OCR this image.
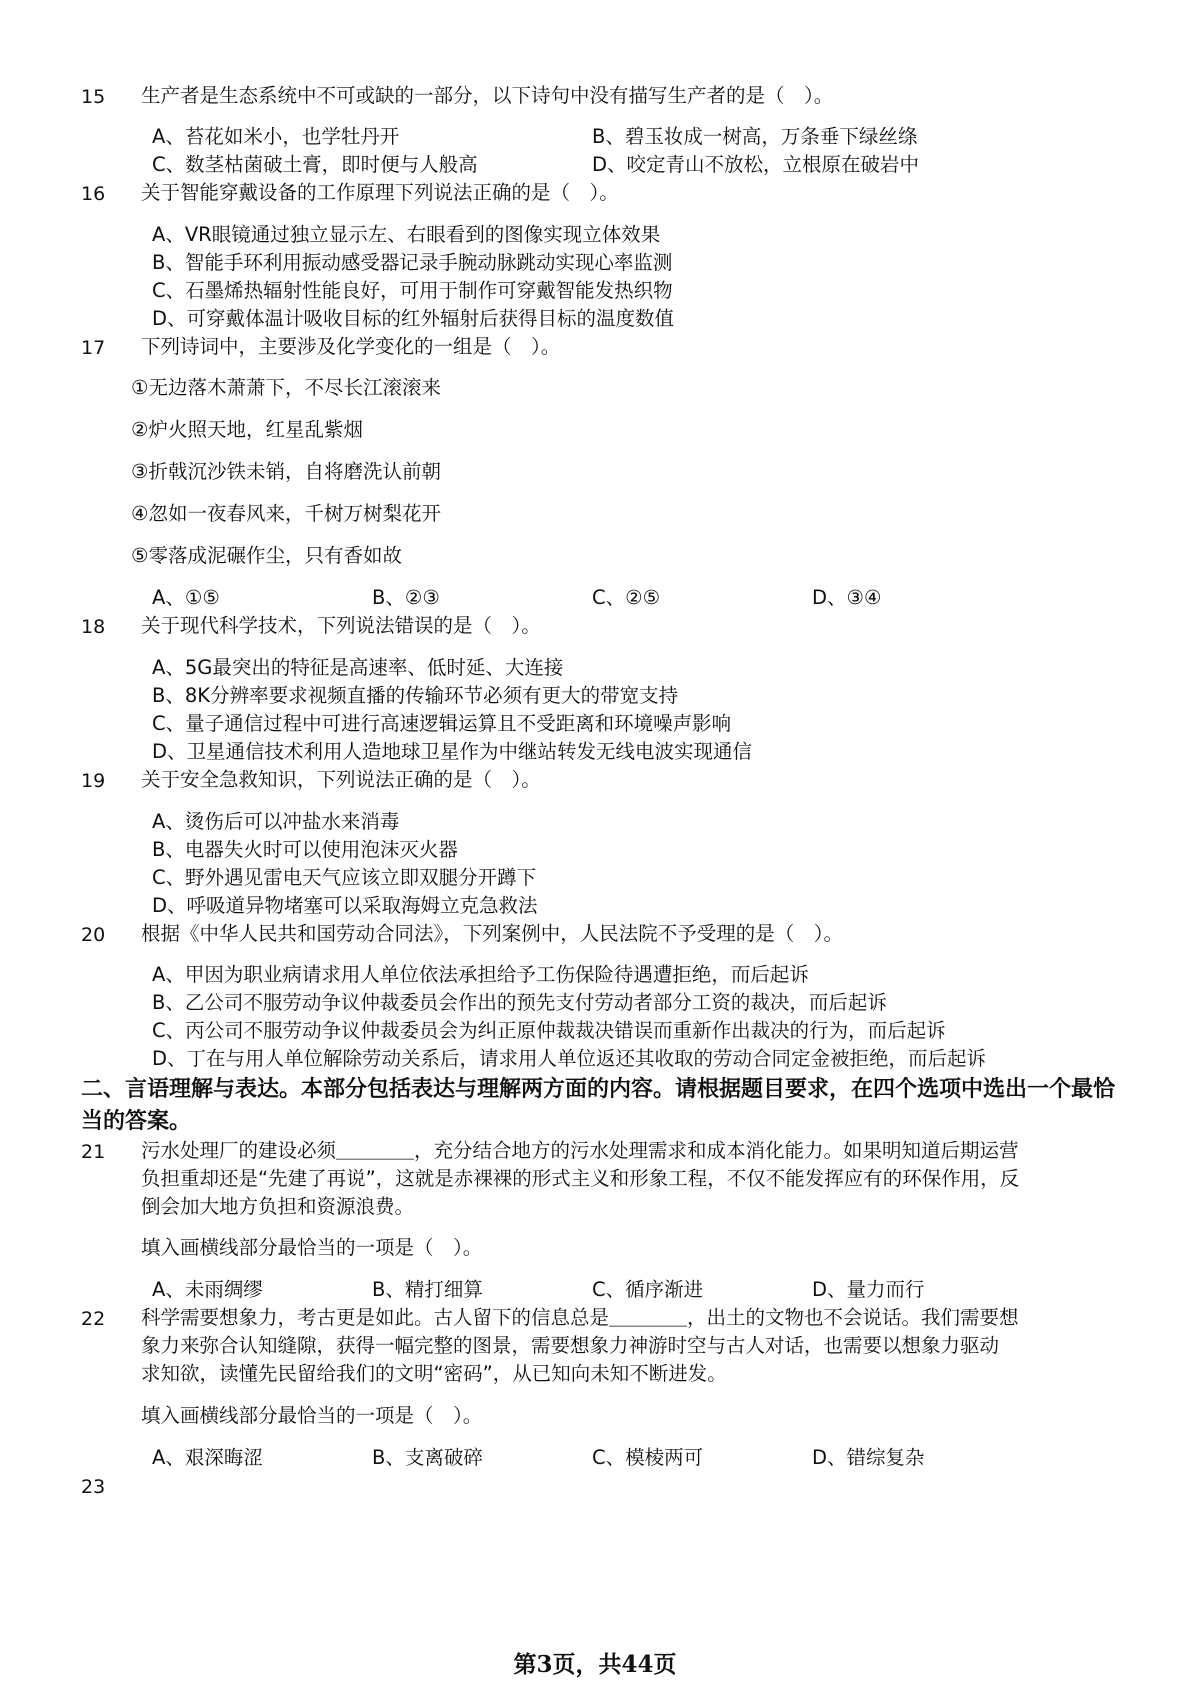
15 生产者是生态系统中不可或缺的一部分，以下诗句中没有描写生产者的是（　）。
A、苔花如米小，也学牡丹开	B、碧玉妆成一树高，万条垂下绿丝绦
C、数茎枯菌破土膏，即时便与人般高	D、咬定青山不放松，立根原在破岩中
16 关于智能穿戴设备的工作原理下列说法正确的是（　）。
A、VR眼镜通过独立显示左、右眼看到的图像实现立体效果
B、智能手环利用振动感受器记录手腕动脉跳动实现心率监测
C、石墨烯热辐射性能良好，可用于制作可穿戴智能发热织物
D、可穿戴体温计吸收目标的红外辐射后获得目标的温度数值
17 下列诗词中，主要涉及化学变化的一组是（　）。
①无边落木萧萧下，不尽长江滚滚来
②炉火照天地，红星乱紫烟
③折戟沉沙铁未销，自将磨洗认前朝
④忽如一夜春风来，千树万树梨花开
⑤零落成泥碾作尘，只有香如故
A、①⑤	B、②③	C、②⑤	D、③④
18 关于现代科学技术，下列说法错误的是（　）。
A、5G最突出的特征是高速率、低时延、大连接
B、8K分辨率要求视频直播的传输环节必须有更大的带宽支持
C、量子通信过程中可进行高速逻辑运算且不受距离和环境噪声影响
D、卫星通信技术利用人造地球卫星作为中继站转发无线电波实现通信
19 关于安全急救知识，下列说法正确的是（　）。
A、烫伤后可以冲盐水来消毒
B、电器失火时可以使用泡沫灭火器
C、野外遇见雷电天气应该立即双腿分开蹲下
D、呼吸道异物堵塞可以采取海姆立克急救法
20 根据《中华人民共和国劳动合同法》，下列案例中，人民法院不予受理的是（　）。
A、甲因为职业病请求用人单位依法承担给予工伤保险待遇遭拒绝，而后起诉
B、乙公司不服劳动争议仲裁委员会作出的预先支付劳动者部分工资的裁决，而后起诉
C、丙公司不服劳动争议仲裁委员会为纠正原仲裁裁决错误而重新作出裁决的行为，而后起诉
D、丁在与用人单位解除劳动关系后，请求用人单位返还其收取的劳动合同定金被拒绝，而后起诉
二、言语理解与表达。本部分包括表达与理解两方面的内容。请根据题目要求，在四个选项中选出一个最恰当的答案。
21 污水处理厂的建设必须＿＿＿＿，充分结合地方的污水处理需求和成本消化能力。如果明知道后期运营
负担重却还是“先建了再说”，这就是赤裸裸的形式主义和形象工程，不仅不能发挥应有的环保作用，反
倒会加大地方负担和资源浪费。
填入画横线部分最恰当的一项是（　）。
A、未雨绸缪	B、精打细算	C、循序渐进	D、量力而行
22 科学需要想象力，考古更是如此。古人留下的信息总是＿＿＿＿，出土的文物也不会说话。我们需要想
象力来弥合认知缝隙，获得一幅完整的图景，需要想象力神游时空与古人对话，也需要以想象力驱动
求知欲，读懂先民留给我们的文明“密码”，从已知向未知不断进发。
填入画横线部分最恰当的一项是（　）。
A、艰深晦涩	B、支离破碎	C、模棱两可	D、错综复杂
23
第3页，共44页
